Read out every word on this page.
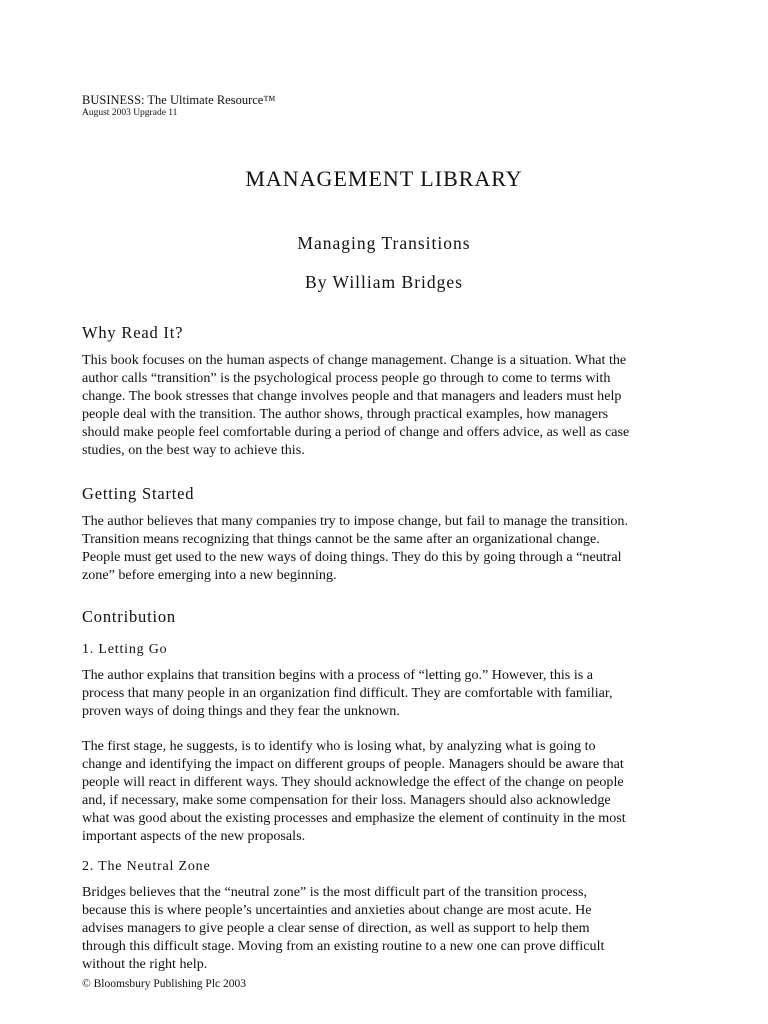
BUSINESS: The Ultimate Resource™
August 2003 Upgrade 11
MANAGEMENT LIBRARY
Managing Transitions
By William Bridges
Why Read It?
This book focuses on the human aspects of change management. Change is a situation. What the
author calls “transition” is the psychological process people go through to come to terms with
change. The book stresses that change involves people and that managers and leaders must help
people deal with the transition. The author shows, through practical examples, how managers
should make people feel comfortable during a period of change and offers advice, as well as case
studies, on the best way to achieve this.
Getting Started
The author believes that many companies try to impose change, but fail to manage the transition.
Transition means recognizing that things cannot be the same after an organizational change.
People must get used to the new ways of doing things. They do this by going through a “neutral
zone” before emerging into a new beginning.
Contribution
1. Letting Go
The author explains that transition begins with a process of “letting go.” However, this is a
process that many people in an organization find difficult. They are comfortable with familiar,
proven ways of doing things and they fear the unknown.
The first stage, he suggests, is to identify who is losing what, by analyzing what is going to
change and identifying the impact on different groups of people. Managers should be aware that
people will react in different ways. They should acknowledge the effect of the change on people
and, if necessary, make some compensation for their loss. Managers should also acknowledge
what was good about the existing processes and emphasize the element of continuity in the most
important aspects of the new proposals.
2. The Neutral Zone
Bridges believes that the “neutral zone” is the most difficult part of the transition process,
because this is where people’s uncertainties and anxieties about change are most acute. He
advises managers to give people a clear sense of direction, as well as support to help them
through this difficult stage. Moving from an existing routine to a new one can prove difficult
without the right help.
© Bloomsbury Publishing Plc 2003
